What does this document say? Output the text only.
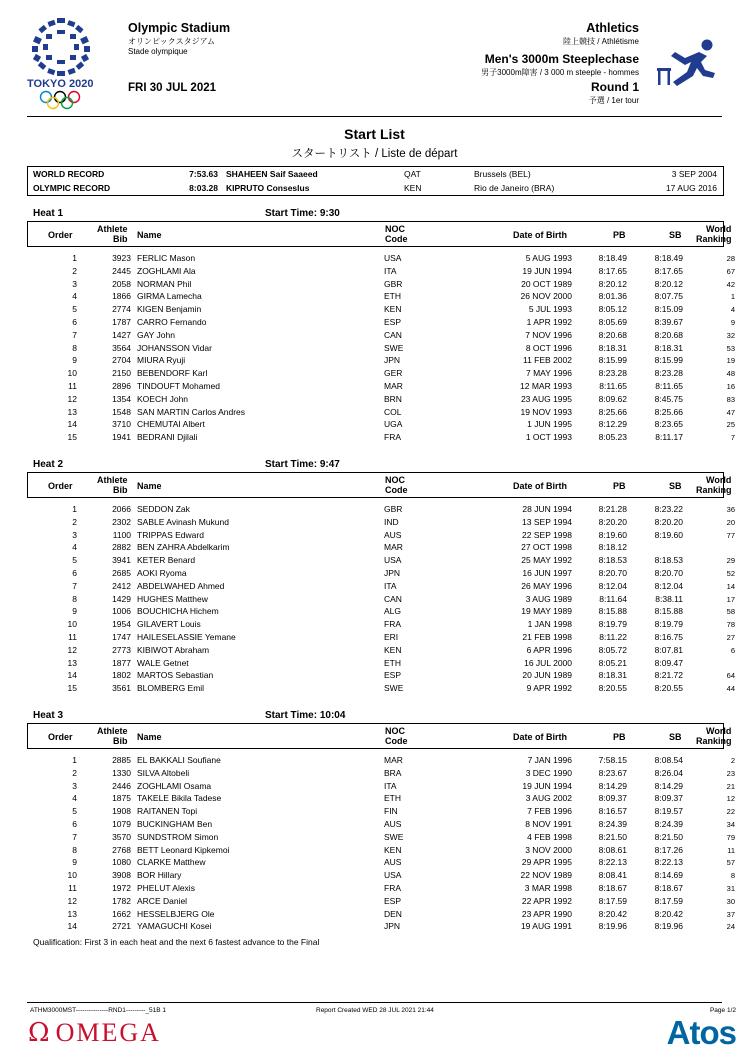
TOKYO 2020
Olympic Stadium
オリンピックスタジアム
Stade olympique
FRI 30 JUL 2021
Athletics
陸上競技 / Athlétisme
Men's 3000m Steeplechase
男子3000m障害 / 3 000 m steeple - hommes
Round 1
予選 / 1er tour
Start List
スタートリスト / Liste de départ
WORLD RECORD	7:53.63 SHAHEEN Saif Saaeed	QAT	Brussels (BEL)	3 SEP 2004
OLYMPIC RECORD	8:03.28 KIPRUTO Conseslus	KEN	Rio de Janeiro (BRA)	17 AUG 2016
Heat 1	Start Time: 9:30
Order
Athlete
Bib Name
NOC
Code	Date of Birth	PB	SB
World
Ranking
1	3923 FERLIC Mason	USA	5 AUG 1993	8:18.49	8:18.49	28
2	2445 ZOGHLAMI Ala	ITA	19 JUN 1994	8:17.65	8:17.65	67
3	2058 NORMAN Phil	GBR	20 OCT 1989	8:20.12	8:20.12	42
4	1866 GIRMA Lamecha	ETH	26 NOV 2000	8:01.36	8:07.75	1
5	2774 KIGEN Benjamin	KEN	5 JUL 1993	8:05.12	8:15.09	4
6	1787 CARRO Fernando	ESP	1 APR 1992	8:05.69	8:39.67	9
7	1427 GAY John	CAN	7 NOV 1996	8:20.68	8:20.68	32
8	3564 JOHANSSON Vidar	SWE	8 OCT 1996	8:18.31	8:18.31	53
9	2704 MIURA Ryuji	JPN	11 FEB 2002	8:15.99	8:15.99	19
10	2150 BEBENDORF Karl	GER	7 MAY 1996	8:23.28	8:23.28	48
11	2896 TINDOUFT Mohamed	MAR	12 MAR 1993	8:11.65	8:11.65	16
12	1354 KOECH John	BRN	23 AUG 1995	8:09.62	8:45.75	83
13	1548 SAN MARTIN Carlos Andres	COL	19 NOV 1993	8:25.66	8:25.66	47
14	3710 CHEMUTAI Albert	UGA	1 JUN 1995	8:12.29	8:23.65	25
15	1941 BEDRANI Djilali	FRA	1 OCT 1993	8:05.23	8:11.17	7
Heat 2	Start Time: 9:47
Order
Athlete
Bib Name
NOC
Code	Date of Birth	PB	SB
World
Ranking
1	2066 SEDDON Zak	GBR	28 JUN 1994	8:21.28	8:23.22	36
2	2302 SABLE Avinash Mukund	IND	13 SEP 1994	8:20.20	8:20.20	20
3	1100 TRIPPAS Edward	AUS	22 SEP 1998	8:19.60	8:19.60	77
4	2882 BEN ZAHRA Abdelkarim	MAR	27 OCT 1998	8:18.12
5	3941 KETER Benard	USA	25 MAY 1992	8:18.53	8:18.53	29
6	2685 AOKI Ryoma	JPN	16 JUN 1997	8:20.70	8:20.70	52
7	2412 ABDELWAHED Ahmed	ITA	26 MAY 1996	8:12.04	8:12.04	14
8	1429 HUGHES Matthew	CAN	3 AUG 1989	8:11.64	8:38.11	17
9	1006 BOUCHICHA Hichem	ALG	19 MAY 1989	8:15.88	8:15.88	58
10	1954 GILAVERT Louis	FRA	1 JAN 1998	8:19.79	8:19.79	78
11	1747 HAILESELASSIE Yemane	ERI	21 FEB 1998	8:11.22	8:16.75	27
12	2773 KIBIWOT Abraham	KEN	6 APR 1996	8:05.72	8:07.81	6
13	1877 WALE Getnet	ETH	16 JUL 2000	8:05.21	8:09.47
14	1802 MARTOS Sebastian	ESP	20 JUN 1989	8:18.31	8:21.72	64
15	3561 BLOMBERG Emil	SWE	9 APR 1992	8:20.55	8:20.55	44
Heat 3	Start Time: 10:04
Order
Athlete
Bib Name
NOC
Code	Date of Birth	PB	SB
World
Ranking
1	2885 EL BAKKALI Soufiane	MAR	7 JAN 1996	7:58.15	8:08.54	2
2	1330 SILVA Altobeli	BRA	3 DEC 1990	8:23.67	8:26.04	23
3	2446 ZOGHLAMI Osama	ITA	19 JUN 1994	8:14.29	8:14.29	21
4	1875 TAKELE Bikila Tadese	ETH	3 AUG 2002	8:09.37	8:09.37	12
5	1908 RAITANEN Topi	FIN	7 FEB 1996	8:16.57	8:19.57	22
6	1079 BUCKINGHAM Ben	AUS	8 NOV 1991	8:24.39	8:24.39	34
7	3570 SUNDSTROM Simon	SWE	4 FEB 1998	8:21.50	8:21.50	79
8	2768 BETT Leonard Kipkemoi	KEN	3 NOV 2000	8:08.61	8:17.26	11
9	1080 CLARKE Matthew	AUS	29 APR 1995	8:22.13	8:22.13	57
10	3908 BOR Hillary	USA	22 NOV 1989	8:08.41	8:14.69	8
11	1972 PHELUT Alexis	FRA	3 MAR 1998	8:18.67	8:18.67	31
12	1782 ARCE Daniel	ESP	22 APR 1992	8:17.59	8:17.59	30
13	1662 HESSELBJERG Ole	DEN	23 APR 1990	8:20.42	8:20.42	37
14	2721 YAMAGUCHI Kosei	JPN	19 AUG 1991	8:19.96	8:19.96	24
Qualification: First 3 in each heat and the next 6 fastest advance to the Final
ATHM3000MST---------------RND1---------_51B 1	Report Created WED 28 JUL 2021 21:44	Page 1/2
Ω OMEGA	Atos
